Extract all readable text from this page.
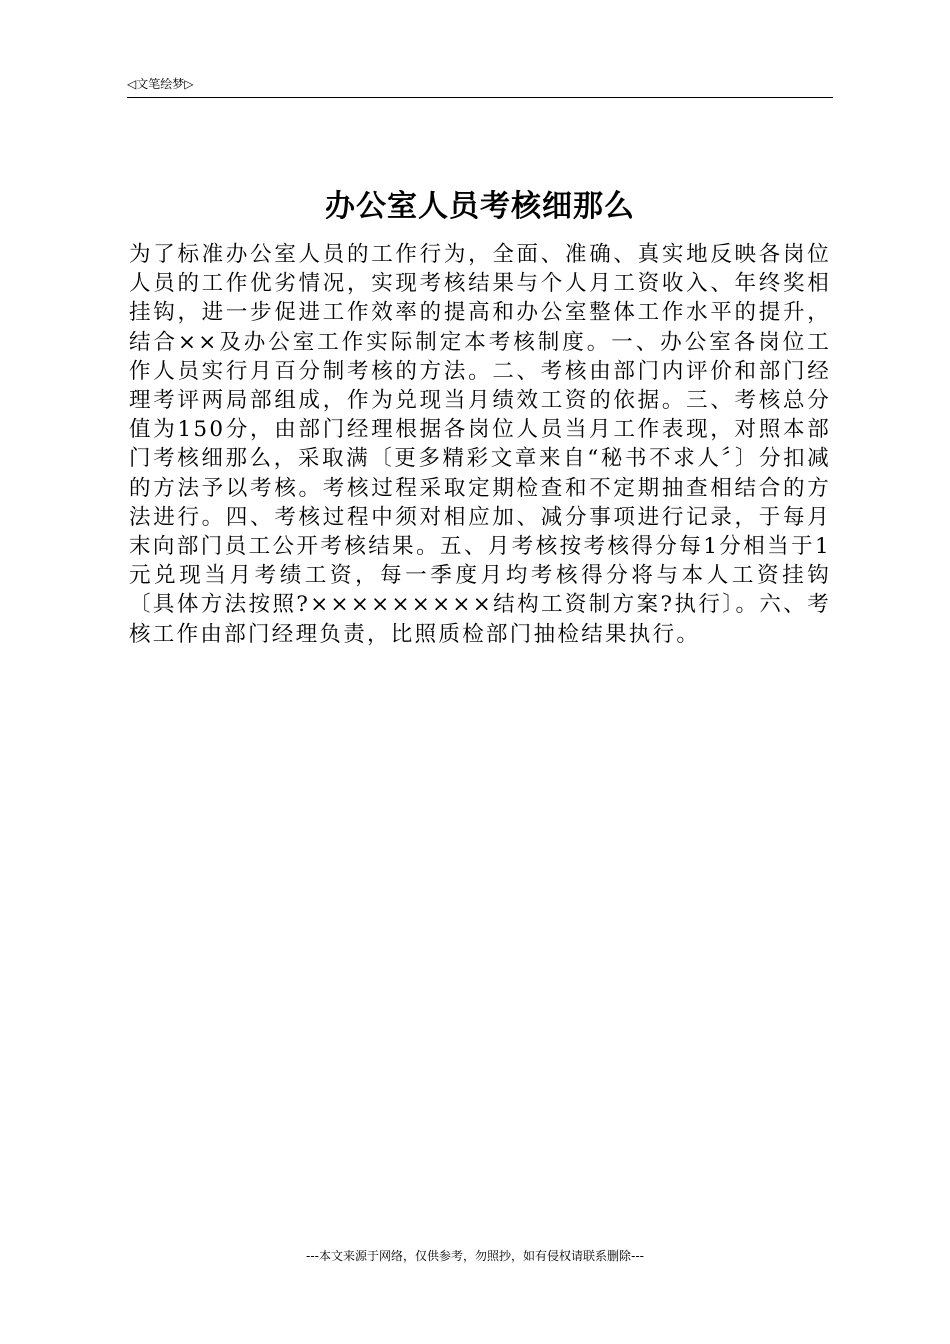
◁文笔绘梦▷
办公室人员考核细那么
为了标准办公室人员的工作行为，全面、准确、真实地反映各岗位人员的工作优劣情况，实现考核结果与个人月工资收入、年终奖相挂钩，进一步促进工作效率的提高和办公室整体工作水平的提升，结合××及办公室工作实际制定本考核制度。一、办公室各岗位工作人员实行月百分制考核的方法。二、考核由部门内评价和部门经理考评两局部组成，作为兑现当月绩效工资的依据。三、考核总分值为150分，由部门经理根据各岗位人员当月工作表现，对照本部门考核细那么，采取满〔更多精彩文章来自“秘书不求人〞〕分扣减的方法予以考核。考核过程采取定期检查和不定期抽查相结合的方法进行。四、考核过程中须对相应加、减分事项进行记录，于每月末向部门员工公开考核结果。五、月考核按考核得分每1分相当于1元兑现当月考绩工资，每一季度月均考核得分将与本人工资挂钩〔具体方法按照?×××××××××结构工资制方案?执行〕。六、考核工作由部门经理负责，比照质检部门抽检结果执行。
---本文来源于网络，仅供参考，勿照抄，如有侵权请联系删除---
